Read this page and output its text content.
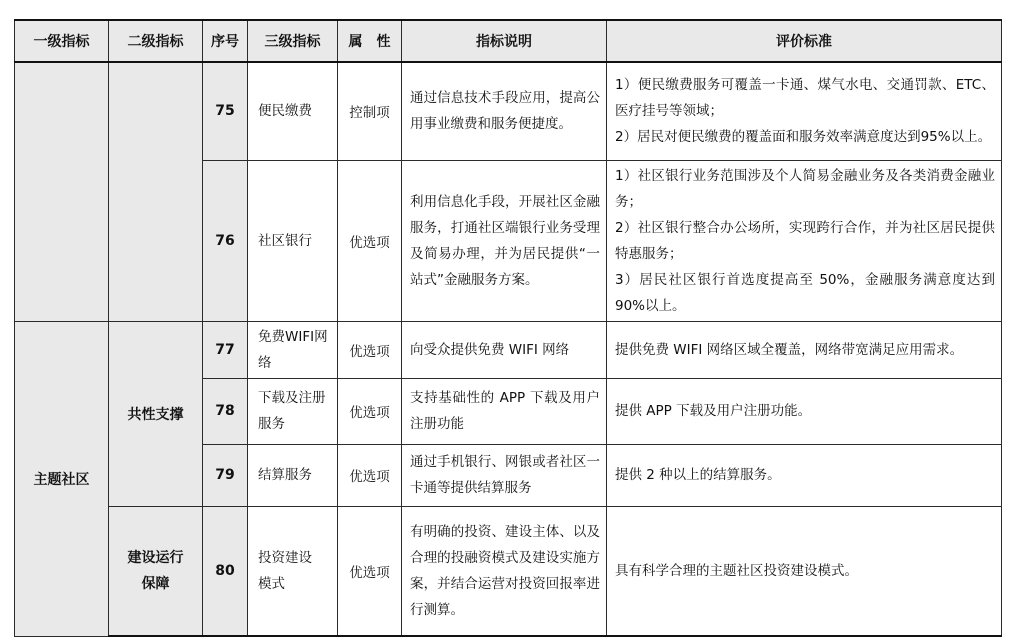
一级指标	二级指标	序号	三级指标	属　性	指标说明	评价标准
		75	便民缴费	控制项	通过信息技术手段应用，提高公用事业缴费和服务便捷度。	1）便民缴费服务可覆盖一卡通、煤气水电、交通罚款、ETC、医疗挂号等领域；
2）居民对便民缴费的覆盖面和服务效率满意度达到95%以上。

		76	社区银行	优选项	利用信息化手段，开展社区金融服务，打通社区端银行业务受理及简易办理，并为居民提供“一站式”金融服务方案。	1）社区银行业务范围涉及个人简易金融业务及各类消费金融业务；
2）社区银行整合办公场所，实现跨行合作，并为社区居民提供特惠服务；
3）居民社区银行首选度提高至 50%，金融服务满意度达到90%以上。

主题社区	共性支撑	77	免费WIFI网络	优选项	向受众提供免费 WIFI 网络	提供免费 WIFI 网络区域全覆盖，网络带宽满足应用需求。

		78	下载及注册服务	优选项	支持基础性的 APP 下载及用户注册功能	提供 APP 下载及用户注册功能。

		79	结算服务	优选项	通过手机银行、网银或者社区一卡通等提供结算服务	提供 2 种以上的结算服务。

	建设运行保障	80	投资建设模式	优选项	有明确的投资、建设主体、以及合理的投融资模式及建设实施方案，并结合运营对投资回报率进行测算。	具有科学合理的主题社区投资建设模式。
